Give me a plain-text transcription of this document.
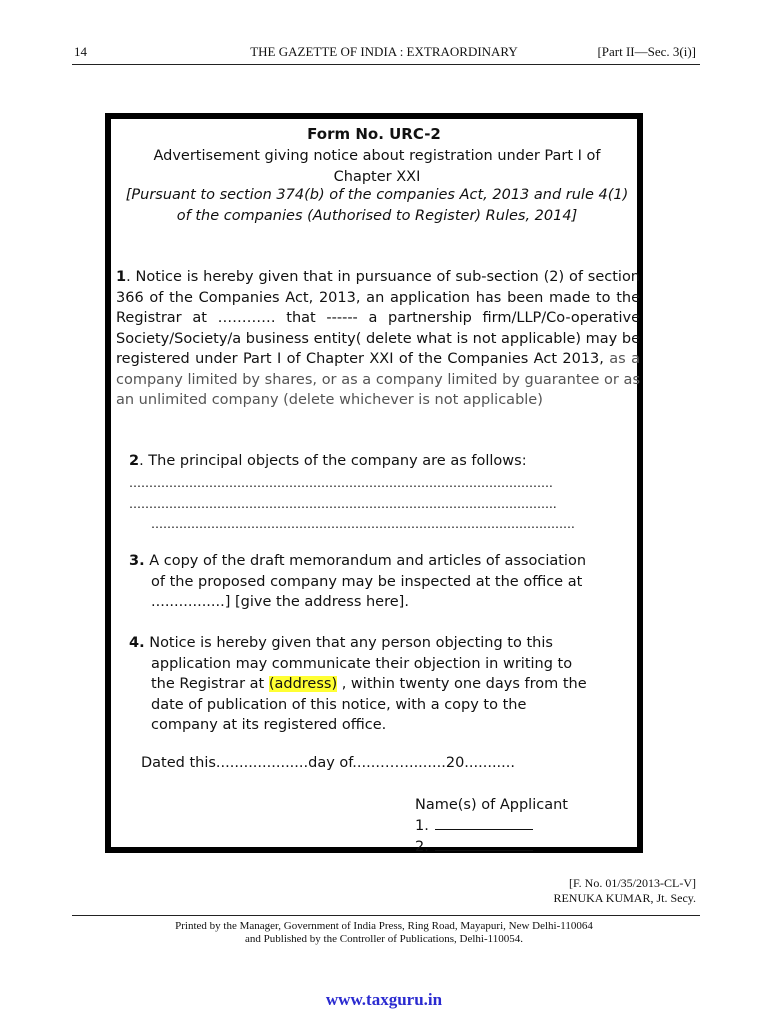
14	THE GAZETTE OF INDIA : EXTRAORDINARY	[Part II—Sec. 3(i)]
Form No. URC-2
Advertisement giving notice about registration under Part I of Chapter XXI
[Pursuant to section 374(b) of the companies Act, 2013 and rule 4(1) of the companies (Authorised to Register) Rules, 2014]
1. Notice is hereby given that in pursuance of sub-section (2) of section 366 of the Companies Act, 2013, an application has been made to the Registrar at ………… that ------ a partnership firm/LLP/Co-operative Society/Society/a business entity( delete what is not applicable) may be registered under Part I of Chapter XXI of the Companies Act 2013, as a company limited by shares, or as a company limited by guarantee or as an unlimited company (delete whichever is not applicable)
2. The principal objects of the company are as follows:
…………………………………………………………………………………………….
……………………………………………………………………………………………..
…………………………………………………………………………………………….
3. A copy of the draft memorandum and articles of association
of the proposed company may be inspected at the office at
................] [give the address here].
4. Notice is hereby given that any person objecting to this
application may communicate their objection in writing to
the Registrar at (address) , within twenty one days from the
date of publication of this notice, with a copy to the
company at its registered office.
Dated this....................day of......……........20...........
Name(s) of Applicant
1.
2.
[F. No. 01/35/2013-CL-V]
RENUKA KUMAR, Jt. Secy.
Printed by the Manager, Government of India Press, Ring Road, Mayapuri, New Delhi-110064
and Published by the Controller of Publications, Delhi-110054.
www.taxguru.in
